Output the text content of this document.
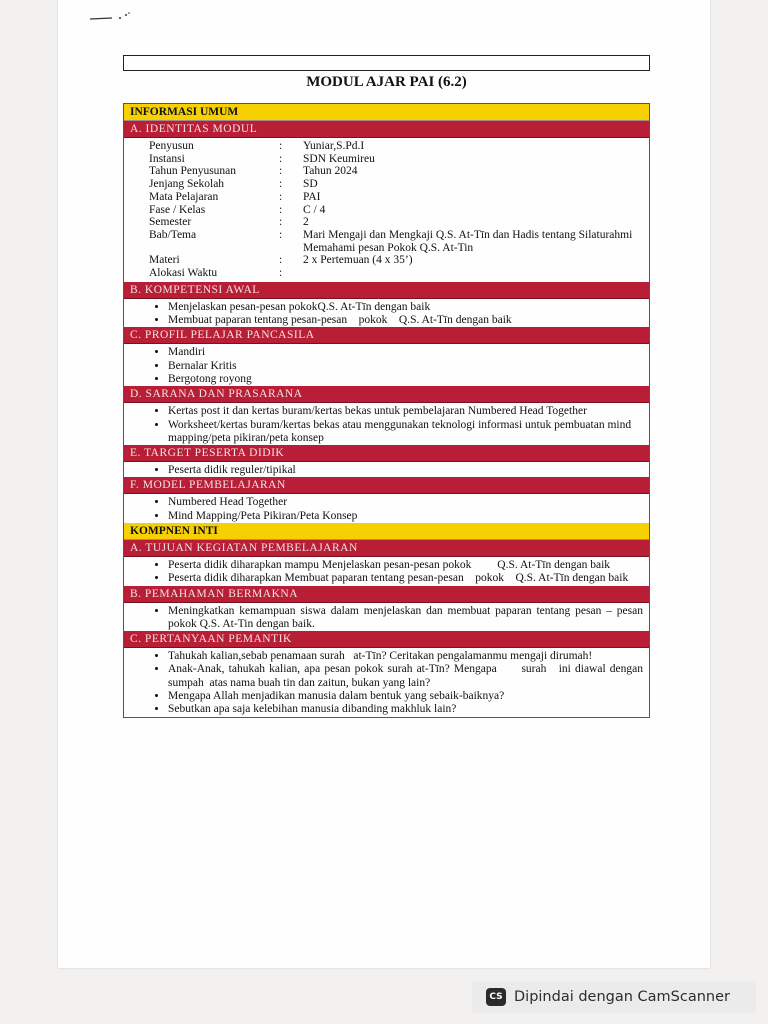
MODUL AJAR PAI (6.2)
INFORMASI UMUM
A. IDENTITAS MODUL
Penyusun	:	Yuniar,S.Pd.I
Instansi	:	SDN Keumireu
Tahun Penyusunan	:	Tahun 2024
Jenjang Sekolah	:	SD
Mata Pelajaran	:	PAI
Fase / Kelas	:	C / 4
Semester	:	2
Bab/Tema	:	Mari Mengaji dan Mengkaji Q.S. At-Tīn dan Hadis tentang Silaturahmi Memahami pesan Pokok Q.S. At-Tin
Materi	:	2 x Pertemuan (4 x 35’)
Alokasi Waktu	:
B. KOMPETENSI AWAL
• Menjelaskan pesan-pesan pokokQ.S. At-Tīn dengan baik
• Membuat paparan tentang pesan-pesan    pokok    Q.S. At-Tīn dengan baik
C. PROFIL PELAJAR PANCASILA
• Mandiri
• Bernalar Kritis
• Bergotong royong
D. SARANA DAN PRASARANA
• Kertas post it dan kertas buram/kertas bekas untuk pembelajaran Numbered Head Together
• Worksheet/kertas buram/kertas bekas atau menggunakan teknologi informasi untuk pembuatan mind mapping/peta pikiran/peta konsep
E. TARGET PESERTA DIDIK
• Peserta didik reguler/tipikal
F. MODEL PEMBELAJARAN
• Numbered Head Together
• Mind Mapping/Peta Pikiran/Peta Konsep
KOMPNEN INTI
A. TUJUAN KEGIATAN PEMBELAJARAN
• Peserta didik diharapkan mampu Menjelaskan pesan-pesan pokok         Q.S. At-Tīn dengan baik
• Peserta didik diharapkan Membuat paparan tentang pesan-pesan    pokok    Q.S. At-Tīn dengan baik
B. PEMAHAMAN BERMAKNA
• Meningkatkan kemampuan siswa dalam menjelaskan dan membuat paparan tentang pesan – pesan pokok Q.S. At-Tin dengan baik.
C. PERTANYAAN PEMANTIK
• Tahukah kalian,sebab penamaan surah   at-Tīn? Ceritakan pengalamanmu mengaji dirumah!
• Anak-Anak, tahukah kalian, apa pesan pokok surah at-Tīn? Mengapa      surah   ini diawal dengan sumpah  atas nama buah tin dan zaitun, bukan yang lain?
• Mengapa Allah menjadikan manusia dalam bentuk yang sebaik-baiknya?
• Sebutkan apa saja kelebihan manusia dibanding makhluk lain?
CS Dipindai dengan CamScanner
